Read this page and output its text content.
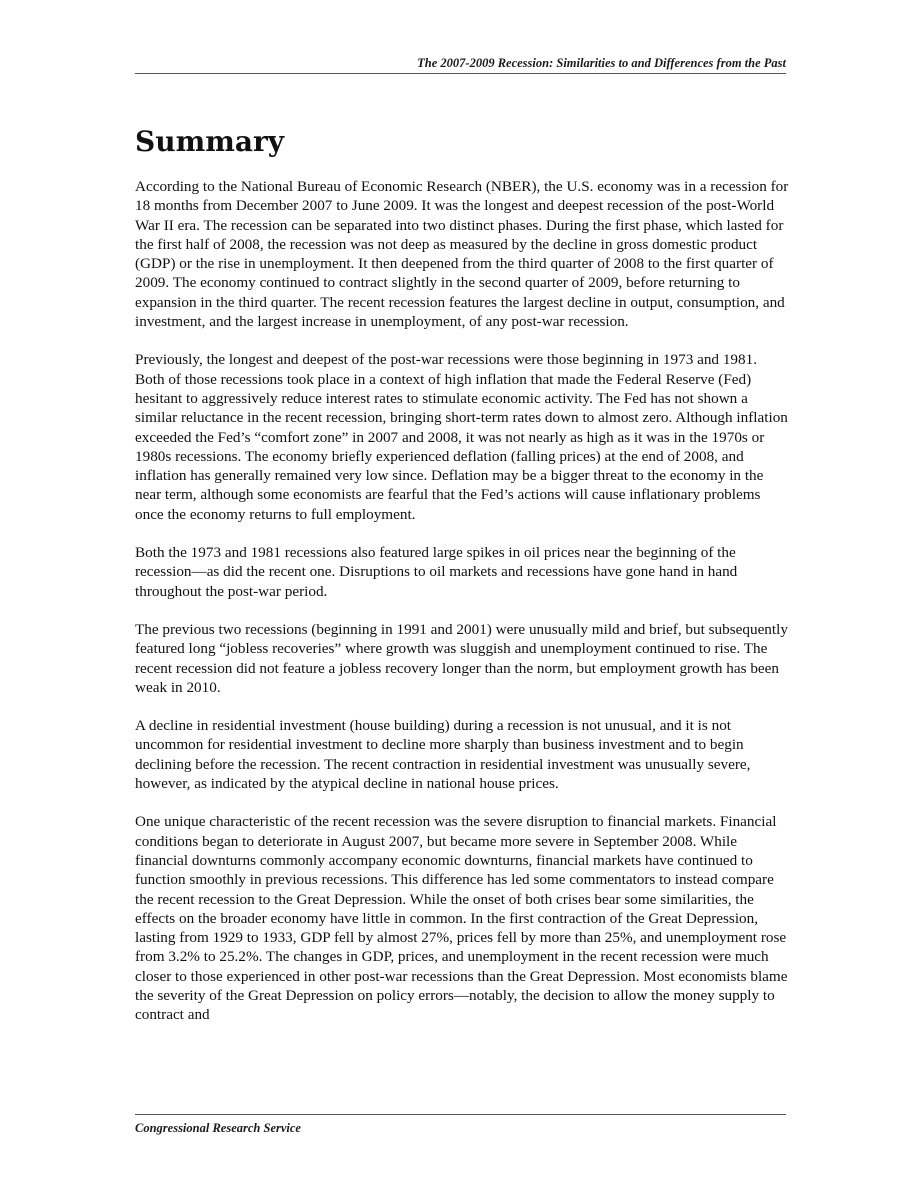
The 2007-2009 Recession: Similarities to and Differences from the Past
Summary

According to the National Bureau of Economic Research (NBER), the U.S. economy was in a recession for 18 months from December 2007 to June 2009. It was the longest and deepest recession of the post-World War II era. The recession can be separated into two distinct phases. During the first phase, which lasted for the first half of 2008, the recession was not deep as measured by the decline in gross domestic product (GDP) or the rise in unemployment. It then deepened from the third quarter of 2008 to the first quarter of 2009. The economy continued to contract slightly in the second quarter of 2009, before returning to expansion in the third quarter. The recent recession features the largest decline in output, consumption, and investment, and the largest increase in unemployment, of any post-war recession.

Previously, the longest and deepest of the post-war recessions were those beginning in 1973 and 1981. Both of those recessions took place in a context of high inflation that made the Federal Reserve (Fed) hesitant to aggressively reduce interest rates to stimulate economic activity. The Fed has not shown a similar reluctance in the recent recession, bringing short-term rates down to almost zero. Although inflation exceeded the Fed’s “comfort zone” in 2007 and 2008, it was not nearly as high as it was in the 1970s or 1980s recessions. The economy briefly experienced deflation (falling prices) at the end of 2008, and inflation has generally remained very low since. Deflation may be a bigger threat to the economy in the near term, although some economists are fearful that the Fed’s actions will cause inflationary problems once the economy returns to full employment.

Both the 1973 and 1981 recessions also featured large spikes in oil prices near the beginning of the recession—as did the recent one. Disruptions to oil markets and recessions have gone hand in hand throughout the post-war period.

The previous two recessions (beginning in 1991 and 2001) were unusually mild and brief, but subsequently featured long “jobless recoveries” where growth was sluggish and unemployment continued to rise. The recent recession did not feature a jobless recovery longer than the norm, but employment growth has been weak in 2010.

A decline in residential investment (house building) during a recession is not unusual, and it is not uncommon for residential investment to decline more sharply than business investment and to begin declining before the recession. The recent contraction in residential investment was unusually severe, however, as indicated by the atypical decline in national house prices.

One unique characteristic of the recent recession was the severe disruption to financial markets. Financial conditions began to deteriorate in August 2007, but became more severe in September 2008. While financial downturns commonly accompany economic downturns, financial markets have continued to function smoothly in previous recessions. This difference has led some commentators to instead compare the recent recession to the Great Depression. While the onset of both crises bear some similarities, the effects on the broader economy have little in common. In the first contraction of the Great Depression, lasting from 1929 to 1933, GDP fell by almost 27%, prices fell by more than 25%, and unemployment rose from 3.2% to 25.2%. The changes in GDP, prices, and unemployment in the recent recession were much closer to those experienced in other post-war recessions than the Great Depression. Most economists blame the severity of the Great Depression on policy errors—notably, the decision to allow the money supply to contract and

Congressional Research Service
